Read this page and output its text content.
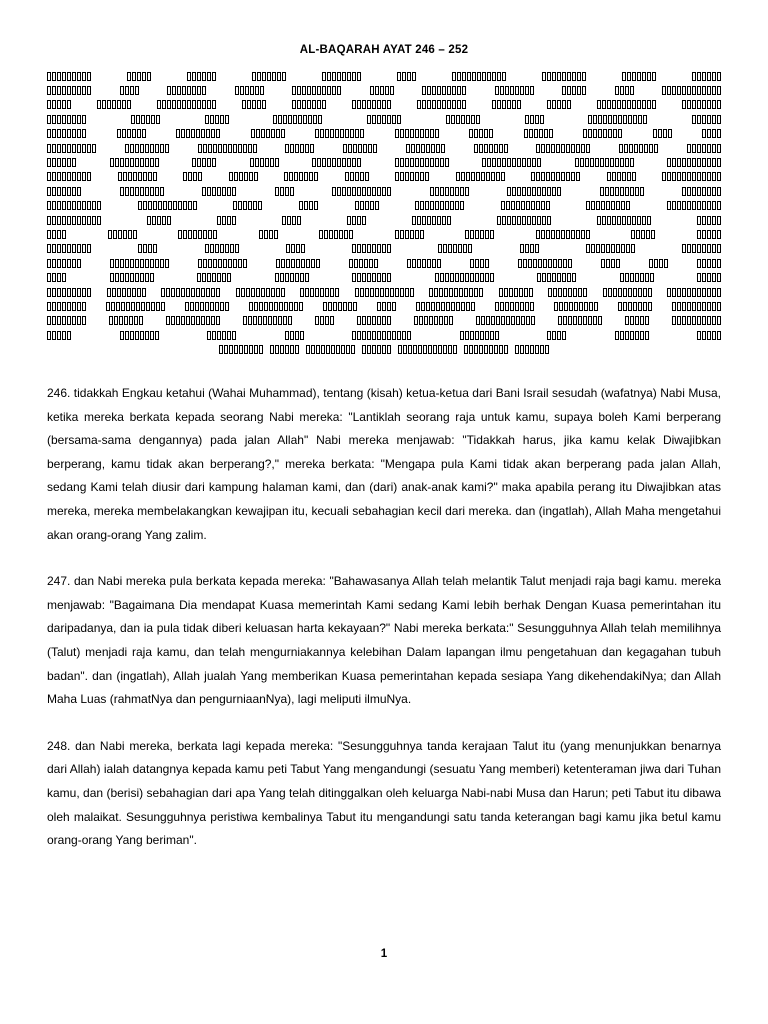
AL-BAQARAH AYAT 246 – 252

246. tidakkah Engkau ketahui (Wahai Muhammad), tentang (kisah) ketua-ketua dari Bani Israil sesudah (wafatnya) Nabi Musa, ketika mereka berkata kepada seorang Nabi mereka: "Lantiklah seorang raja untuk kamu, supaya boleh Kami berperang (bersama-sama dengannya) pada jalan Allah" Nabi mereka menjawab: "Tidakkah harus, jika kamu kelak Diwajibkan berperang, kamu tidak akan berperang?," mereka berkata: "Mengapa pula Kami tidak akan berperang pada jalan Allah, sedang Kami telah diusir dari kampung halaman kami, dan (dari) anak-anak kami?" maka apabila perang itu Diwajibkan atas mereka, mereka membelakangkan kewajipan itu, kecuali sebahagian kecil dari mereka. dan (ingatlah), Allah Maha mengetahui akan orang-orang Yang zalim.

247. dan Nabi mereka pula berkata kepada mereka: "Bahawasanya Allah telah melantik Talut menjadi raja bagi kamu. mereka menjawab: "Bagaimana Dia mendapat Kuasa memerintah Kami sedang Kami lebih berhak Dengan Kuasa pemerintahan itu daripadanya, dan ia pula tidak diberi keluasan harta kekayaan?" Nabi mereka berkata:" Sesungguhnya Allah telah memilihnya (Talut) menjadi raja kamu, dan telah mengurniakannya kelebihan Dalam lapangan ilmu pengetahuan dan kegagahan tubuh badan". dan (ingatlah), Allah jualah Yang memberikan Kuasa pemerintahan kepada sesiapa Yang dikehendakiNya; dan Allah Maha Luas (rahmatNya dan pengurniaanNya), lagi meliputi ilmuNya.

248. dan Nabi mereka, berkata lagi kepada mereka: "Sesungguhnya tanda kerajaan Talut itu (yang menunjukkan benarnya dari Allah) ialah datangnya kepada kamu peti Tabut Yang mengandungi (sesuatu Yang memberi) ketenteraman jiwa dari Tuhan kamu, dan (berisi) sebahagian dari apa Yang telah ditinggalkan oleh keluarga Nabi-nabi Musa dan Harun; peti Tabut itu dibawa oleh malaikat. Sesungguhnya peristiwa kembalinya Tabut itu mengandungi satu tanda keterangan bagi kamu jika betul kamu orang-orang Yang beriman".

1
